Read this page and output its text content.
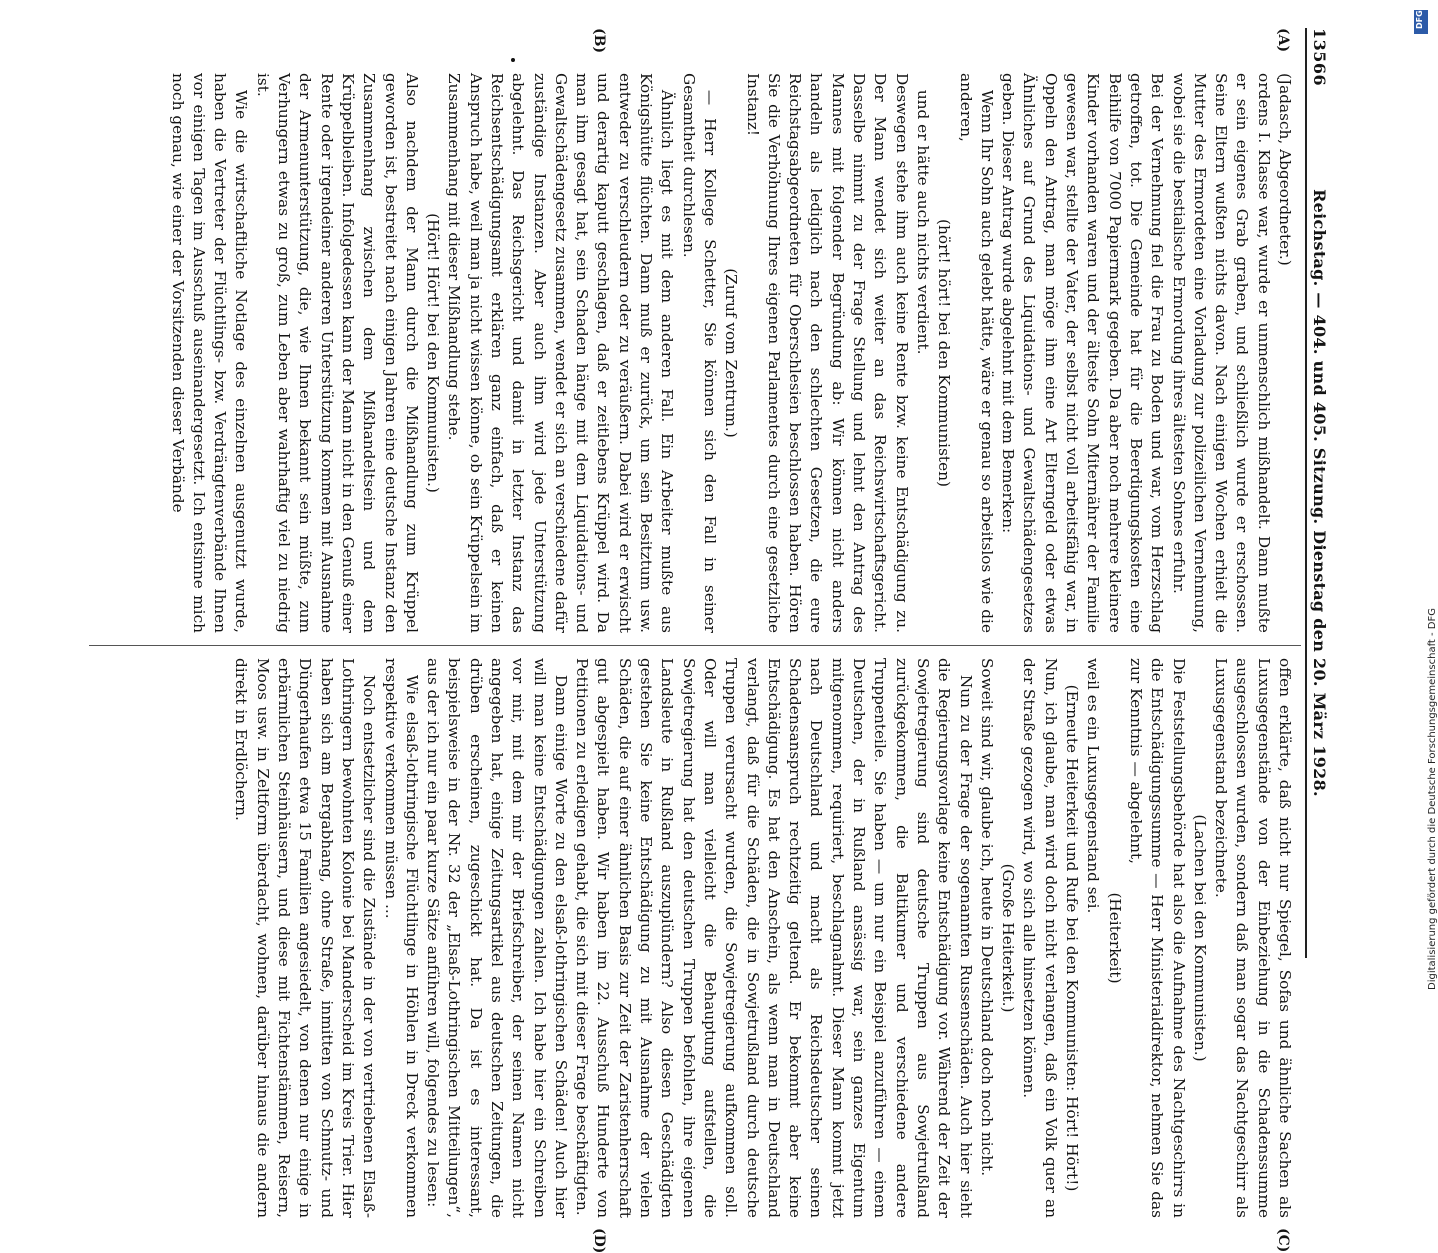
13566
Reichstag. — 404. und 405. Sitzung. Dienstag den 20. März 1928.
(A)
(B)
(C)
(D)

(Jadasch, Abgeordneter.)

ordens I. Klasse war, wurde er unmenschlich mißhandelt. Dann mußte er sein eigenes Grab graben, und schließlich wurde er erschossen. Seine Eltern wußten nichts davon. Nach einigen Wochen erhielt die Mutter des Ermordeten eine Vorladung zur polizeilichen Vernehmung, wobei sie die bestialische Ermordung ihres ältesten Sohnes erfuhr.

Bei der Vernehmung fiel die Frau zu Boden und war, vom Herzschlag getroffen, tot. Die Gemeinde hat für die Beerdigungskosten eine Beihilfe von 7000 Papiermark gegeben. Da aber noch mehrere kleinere Kinder vorhanden waren und der älteste Sohn Miternährer der Familie gewesen war, stellte der Vater, der selbst nicht voll arbeitsfähig war, in Oppeln den Antrag, man möge ihm eine Art Elterngeld oder etwas Ähnliches auf Grund des Liquidations- und Gewaltschädengesetzes geben. Dieser Antrag wurde abgelehnt mit dem Bemerken:

Wenn Ihr Sohn auch gelebt hätte, wäre er genau so arbeitslos wie die anderen,

(hört! hört! bei den Kommunisten)

und er hätte auch nichts verdient.

Deswegen stehe ihm auch keine Rente bzw. keine Entschädigung zu. Der Mann wendet sich weiter an das Reichswirtschaftsgericht. Dasselbe nimmt zu der Frage Stellung und lehnt den Antrag des Mannes mit folgender Begründung ab: Wir können nicht anders handeln als lediglich nach den schlechten Gesetzen, die eure Reichstagsabgeordneten für Oberschlesien beschlossen haben. Hören Sie die Verhöhnung Ihres eigenen Parlamentes durch eine gesetzliche Instanz!

(Zuruf vom Zentrum.)

— Herr Kollege Schetter, Sie können sich den Fall in seiner Gesamtheit durchlesen.

Ähnlich liegt es mit dem anderen Fall. Ein Arbeiter mußte aus Königshütte flüchten. Dann muß er zurück, um sein Besitztum usw. entweder zu verschleudern oder zu veräußern. Dabei wird er erwischt und derartig kaputt geschlagen, daß er zeitlebens Krüppel wird. Da man ihm gesagt hat, sein Schaden hänge mit dem Liquidations- und Gewaltschädengesetz zusammen, wendet er sich an verschiedene dafür zuständige Instanzen. Aber auch ihm wird jede Unterstützung abgelehnt. Das Reichsgericht und damit in letzter Instanz das Reichsentschädigungsamt erklären ganz einfach, daß er keinen Anspruch habe, weil man ja nicht wissen könne, ob sein Krüppelsein im Zusammenhang mit dieser Mißhandlung stehe.

(Hört! Hört! bei den Kommunisten.)

Also nachdem der Mann durch die Mißhandlung zum Krüppel geworden ist, bestreitet nach einigen Jahren eine deutsche Instanz den Zusammenhang zwischen dem Mißhandeltsein und dem Krüppelbleiben. Infolgedessen kann der Mann nicht in den Genuß einer Rente oder irgendeiner anderen Unterstützung kommen mit Ausnahme der Armenunterstützung, die, wie Ihnen bekannt sein müßte, zum Verhungern etwas zu groß, zum Leben aber wahrhaftig viel zu niedrig ist.

Wie die wirtschaftliche Notlage des einzelnen ausgenutzt wurde, haben die Vertreter der Flüchtlings- bzw. Verdrängtenverbände Ihnen vor einigen Tagen im Ausschuß auseinandergesetzt. Ich entsinne mich noch genau, wie einer der Vorsitzenden dieser Verbände

offen erklärte, daß nicht nur Spiegel, Sofas und ähnliche Sachen als Luxusgegenstände von der Einbeziehung in die Schadenssumme ausgeschlossen wurden, sondern daß man sogar das Nachtgeschirr als Luxusgegenstand bezeichnete.

(Lachen bei den Kommunisten.)

Die Feststellungsbehörde hat also die Aufnahme des Nachtgeschirrs in die Entschädigungssumme — Herr Ministerialdirektor, nehmen Sie das zur Kenntnis — abgelehnt,

(Heiterkeit)

weil es ein Luxusgegenstand sei.

(Erneute Heiterkeit und Rufe bei den Kommunisten: Hört! Hört!)

Nun, ich glaube, man wird doch nicht verlangen, daß ein Volk quer an der Straße gezogen wird, wo sich alle hinsetzen können.

(Große Heiterkeit.)

Soweit sind wir, glaube ich, heute in Deutschland doch noch nicht.

Nun zu der Frage der sogenannten Russenschäden. Auch hier sieht die Regierungsvorlage keine Entschädigung vor. Während der Zeit der Sowjetregierung sind deutsche Truppen aus Sowjetrußland zurückgekommen, die Baltikumer und verschiedene andere Truppenteile. Sie haben — um nur ein Beispiel anzuführen — einem Deutschen, der in Rußland ansässig war, sein ganzes Eigentum mitgenommen, requiriert, beschlagnahmt. Dieser Mann kommt jetzt nach Deutschland und macht als Reichsdeutscher seinen Schadensanspruch rechtzeitig geltend. Er bekommt aber keine Entschädigung. Es hat den Anschein, als wenn man in Deutschland verlangt, daß für die Schäden, die in Sowjetrußland durch deutsche Truppen verursacht wurden, die Sowjetregierung aufkommen soll. Oder will man vielleicht die Behauptung aufstellen, die Sowjetregierung hat den deutschen Truppen befohlen, ihre eigenen Landsleute in Rußland auszuplündern? Also diesen Geschädigten gestehen Sie keine Entschädigung zu mit Ausnahme der vielen Schäden, die auf einer ähnlichen Basis zur Zeit der Zaristenherrschaft gut abgespielt haben. Wir haben im 22. Ausschuß Hunderte von Petitionen zu erledigen gehabt, die sich mit dieser Frage beschäftigten.

Dann einige Worte zu den elsaß-lothringischen Schäden! Auch hier will man keine Entschädigungen zahlen. Ich habe hier ein Schreiben vor mir, mit dem mir der Briefschreiber, der seinen Namen nicht angegeben hat, einige Zeitungsartikel aus deutschen Zeitungen, die drüben erscheinen, zugeschickt hat. Da ist es interessant, beispielsweise in der Nr. 32 der „Elsaß-Lothringischen Mitteilungen“, aus der ich nur ein paar kurze Sätze anführen will, folgendes zu lesen:

Wie elsaß-lothringische Flüchtlinge in Höhlen in Dreck verkommen respektive verkommen müssen ...

Noch entsetzlicher sind die Zustände in der von vertriebenen Elsaß-Lothringern bewohnten Kolonie bei Manderscheid im Kreis Trier. Hier haben sich am Bergabhang, ohne Straße, inmitten von Schmutz- und Düngerhaufen etwa 15 Familien angesiedelt, von denen nur einige in erbärmlichen Steinhäusern, und diese mit Fichtenstämmen, Reisern, Moos usw. in Zeltform überdacht, wohnen, darüber hinaus die andern direkt in Erdlöchern.

DFG
Digitalisierung gefördert durch die Deutsche Forschungsgemeinschaft - DFG
